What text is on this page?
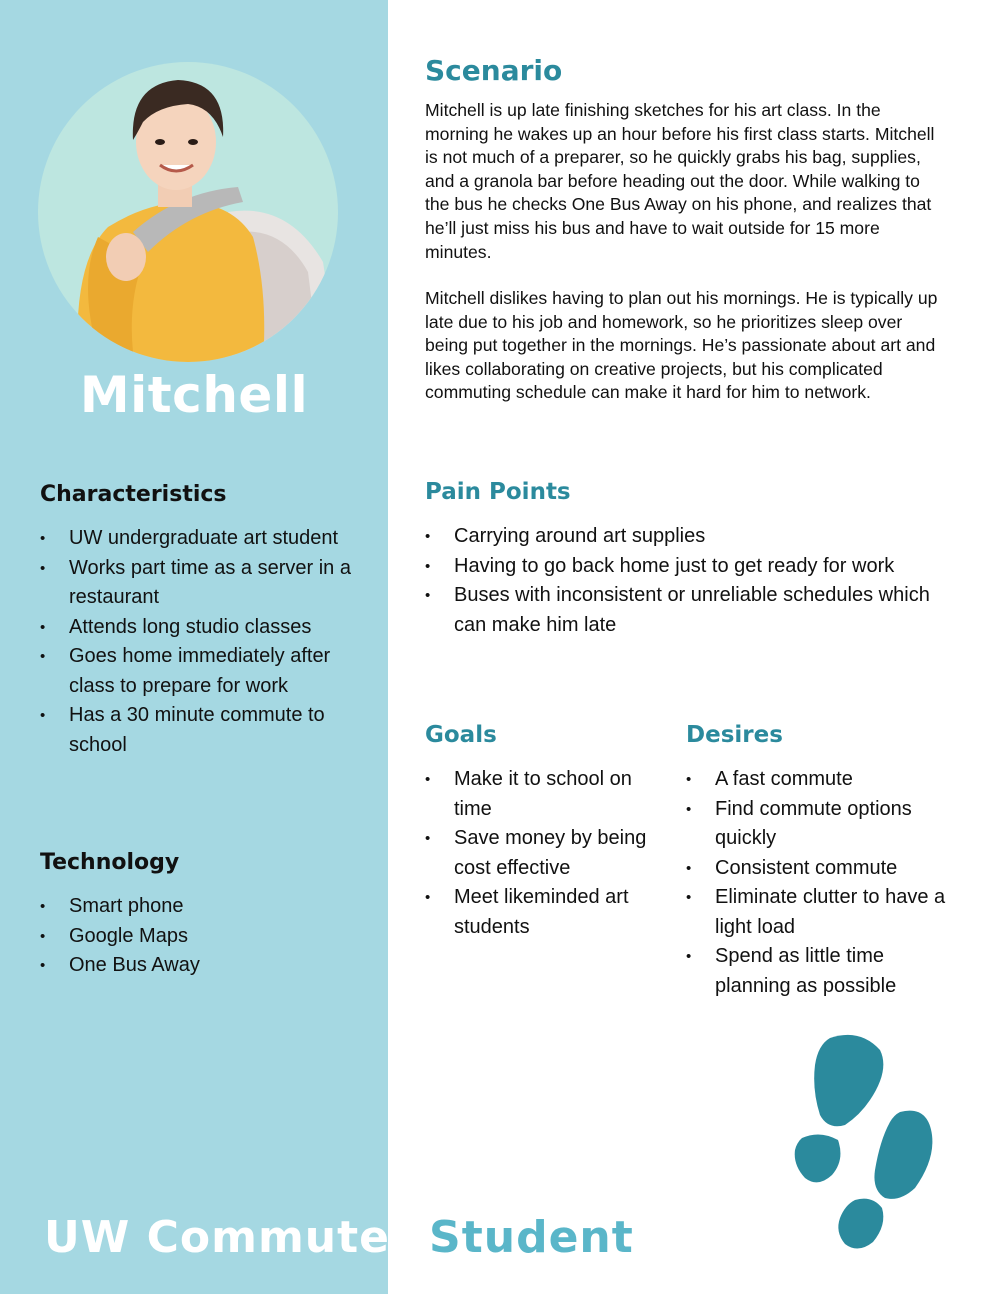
Mitchell
Characteristics
• UW undergraduate art student
• Works part time as a server in a restaurant
• Attends long studio classes
• Goes home immediately after class to prepare for work
• Has a 30 minute commute to school
Technology
• Smart phone
• Google Maps
• One Bus Away
Scenario

Mitchell is up late finishing sketches for his art class. In the morning he wakes up an hour before his first class starts. Mitchell is not much of a preparer, so he quickly grabs his bag, supplies, and a granola bar before heading out the door. While walking to the bus he checks One Bus Away on his phone, and realizes that he’ll just miss his bus and have to wait outside for 15 more minutes.

Mitchell dislikes having to plan out his mornings. He is typically up late due to his job and homework, so he prioritizes sleep over being put together in the mornings. He’s passionate about art and likes collaborating on creative projects, but his complicated commuting schedule can make it hard for him to network.

Pain Points
• Carrying around art supplies
• Having to go back home just to get ready for work
• Buses with inconsistent or unreliable schedules which can make him late
Goals
• Make it to school on time
• Save money by being cost effective
• Meet likeminded art students
Desires
• A fast commute
• Find commute options quickly
• Consistent commute
• Eliminate clutter to have a light load
• Spend as little time planning as possible
UW Commuter Student
